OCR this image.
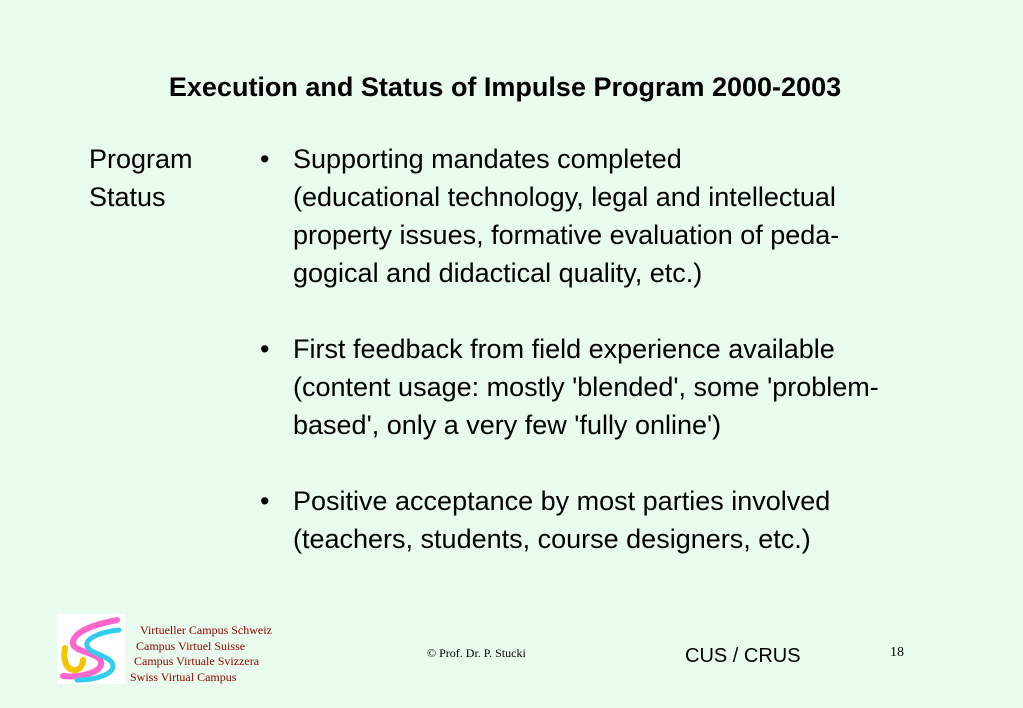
Execution and Status of Impulse Program 2000-2003
Program
Status
• Supporting mandates completed
(educational technology, legal and intellectual
property issues, formative evaluation of peda-
gogical and didactical quality, etc.)
• First feedback from field experience available
(content usage: mostly 'blended', some 'problem-
based', only a very few 'fully online')
• Positive acceptance by most parties involved
(teachers, students, course designers, etc.)
Virtueller Campus Schweiz
Campus Virtuel Suisse
Campus Virtuale Svizzera
Swiss Virtual Campus
© Prof. Dr. P. Stucki	CUS / CRUS	18
